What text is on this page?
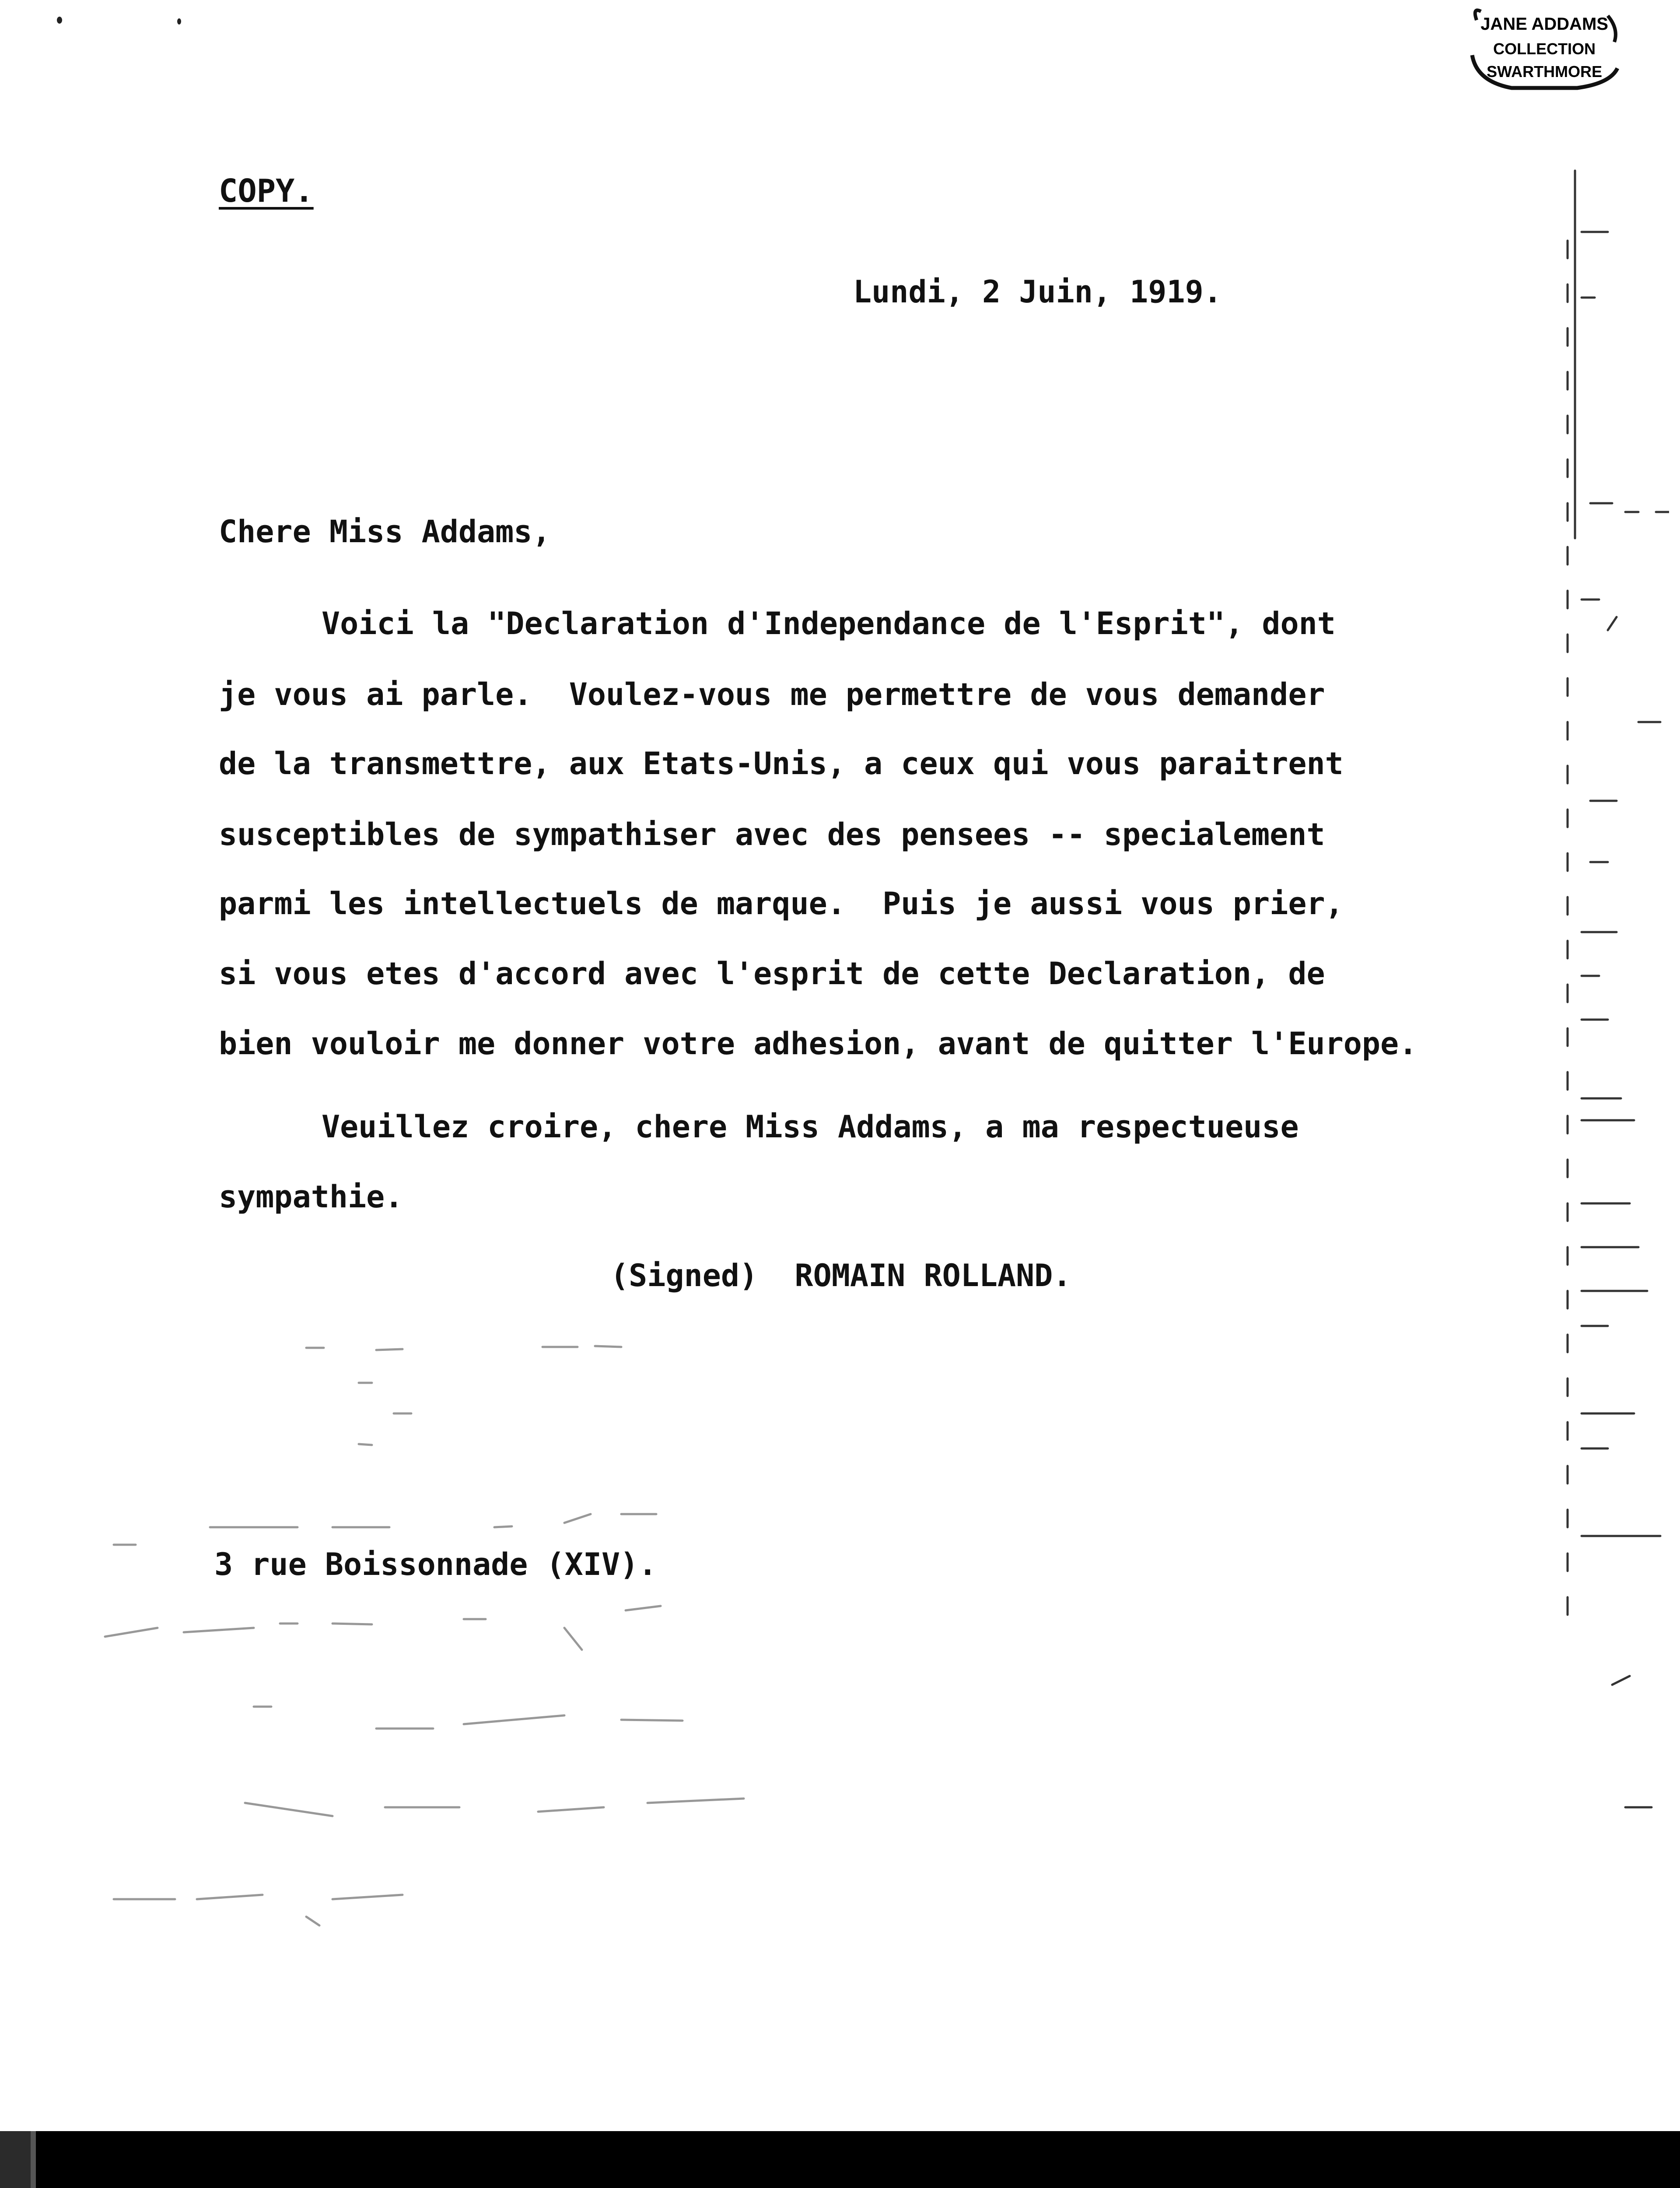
JANE ADDAMS
COLLECTION
SWARTHMORE
COPY.
Lundi, 2 Juin, 1919.
Chere Miss Addams,
Voici la "Declaration d'Independance de l'Esprit", dont
je vous ai parle.  Voulez-vous me permettre de vous demander
de la transmettre, aux Etats-Unis, a ceux qui vous paraitrent
susceptibles de sympathiser avec des pensees -- specialement
parmi les intellectuels de marque.  Puis je aussi vous prier,
si vous etes d'accord avec l'esprit de cette Declaration, de
bien vouloir me donner votre adhesion, avant de quitter l'Europe.
Veuillez croire, chere Miss Addams, a ma respectueuse
sympathie.
(Signed)  ROMAIN ROLLAND.
3 rue Boissonnade (XIV).
